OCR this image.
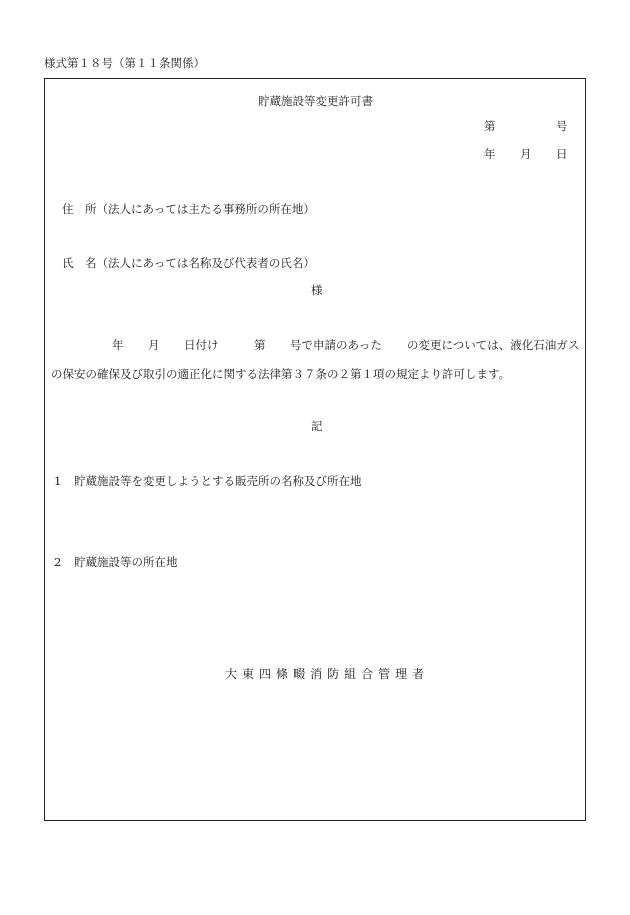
様式第１８号（第１１条関係）
貯蔵施設等変更許可書
第	号
年 月 日
住　所（法人にあっては主たる事務所の所在地）
氏　名（法人にあっては名称及び代表者の氏名）
様
年 月 日付け	第 号で申請のあった の変更については、液化石油ガス
の保安の確保及び取引の適正化に関する法律第３７条の２第１項の規定より許可します。
記
1 貯蔵施設等を変更しようとする販売所の名称及び所在地
2 貯蔵施設等の所在地
大 東 四 條 畷 消 防 組 合 管 理 者
